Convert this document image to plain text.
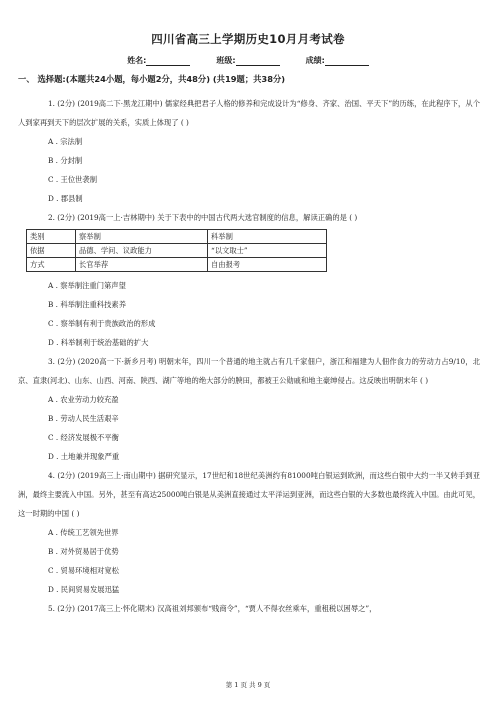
四川省高三上学期历史10月月考试卷
姓名:	班级:	成绩:
一、 选择题:(本题共24小题，每小题2分，共48分) (共19题；共38分)

1. (2分) (2019高二下·黑龙江期中) 儒家经典把君子人格的修养和完成设计为“修身、齐家、治国、平天下”的历练，在此程序下，从个人到家再到天下的层次扩展的关系，实质上体现了 ( )

A . 宗法制

B . 分封制

C . 王位世袭制

D . 郡县制

2. (2分) (2019高一上·吉林期中) 关于下表中的中国古代两大选官制度的信息，解读正确的是 ( )

类别	察举制	科举制
依据	品德、学问、议政能力	“以文取士”
方式	长官举荐	自由报考

A . 察举制注重门第声望

B . 科举制注重科技素养

C . 察举制有利于贵族政治的形成

D . 科举制利于统治基础的扩大

3. (2分) (2020高一下·新乡月考) 明朝末年，四川一个普通的地主就占有几千家佃户，浙江和福建为人佃作食力的劳动力占9/10，北京、直隶(河北)、山东、山西、河南、陕西、湖广等地的绝大部分的腴田，都被王公勋戚和地主豪绅侵占。这反映出明朝末年 ( )

A . 农业劳动力较充盈

B . 劳动人民生活艰辛

C . 经济发展极不平衡

D . 土地兼并现象严重

4. (2分) (2019高三上·南山期中) 据研究显示，17世纪和18世纪美洲约有81000吨白银运到欧洲，而这些白银中大约一半又转手到亚洲，最终主要流入中国。另外，甚至有高达25000吨白银是从美洲直接通过太平洋运到亚洲，而这些白银的大多数也最终流入中国。由此可见，这一时期的中国 ( )

A . 传统工艺领先世界

B . 对外贸易居于优势

C . 贸易环境相对宽松

D . 民间贸易发展迅猛

5. (2分) (2017高三上·怀化期末) 汉高祖刘邦颁布“贱商令”，“贾人不得衣丝乘车，重租税以困辱之”，

第 1 页 共 9 页
